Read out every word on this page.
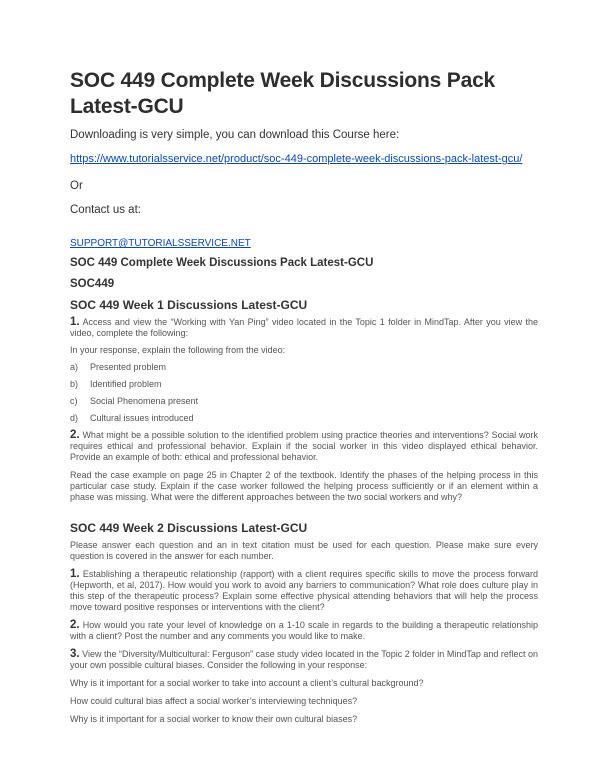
SOC 449 Complete Week Discussions Pack Latest-GCU
Downloading is very simple, you can download this Course here:
https://www.tutorialsservice.net/product/soc-449-complete-week-discussions-pack-latest-gcu/
Or
Contact us at:
SUPPORT@TUTORIALSSERVICE.NET
SOC 449 Complete Week Discussions Pack Latest-GCU
SOC449
SOC 449 Week 1 Discussions Latest-GCU
1. Access and view the “Working with Yan Ping” video located in the Topic 1 folder in MindTap. After you view the video, complete the following:
In your response, explain the following from the video:
a)	Presented problem
b)	Identified problem
c)	Social Phenomena present
d)	Cultural issues introduced
2. What might be a possible solution to the identified problem using practice theories and interventions? Social work requires ethical and professional behavior. Explain if the social worker in this video displayed ethical behavior. Provide an example of both: ethical and professional behavior.
Read the case example on page 25 in Chapter 2 of the textbook. Identify the phases of the helping process in this particular case study. Explain if the case worker followed the helping process sufficiently or if an element within a phase was missing. What were the different approaches between the two social workers and why?
SOC 449 Week 2 Discussions Latest-GCU
Please answer each question and an in text citation must be used for each question. Please make sure every question is covered in the answer for each number.
1. Establishing a therapeutic relationship (rapport) with a client requires specific skills to move the process forward (Hepworth, et al, 2017). How would you work to avoid any barriers to communication? What role does culture play in this step of the therapeutic process? Explain some effective physical attending behaviors that will help the process move toward positive responses or interventions with the client?
2. How would you rate your level of knowledge on a 1-10 scale in regards to the building a therapeutic relationship with a client? Post the number and any comments you would like to make.
3. View the “Diversity/Multicultural: Ferguson” case study video located in the Topic 2 folder in MindTap and reflect on your own possible cultural biases. Consider the following in your response:
Why is it important for a social worker to take into account a client’s cultural background?
How could cultural bias affect a social worker’s interviewing techniques?
Why is it important for a social worker to know their own cultural biases?
